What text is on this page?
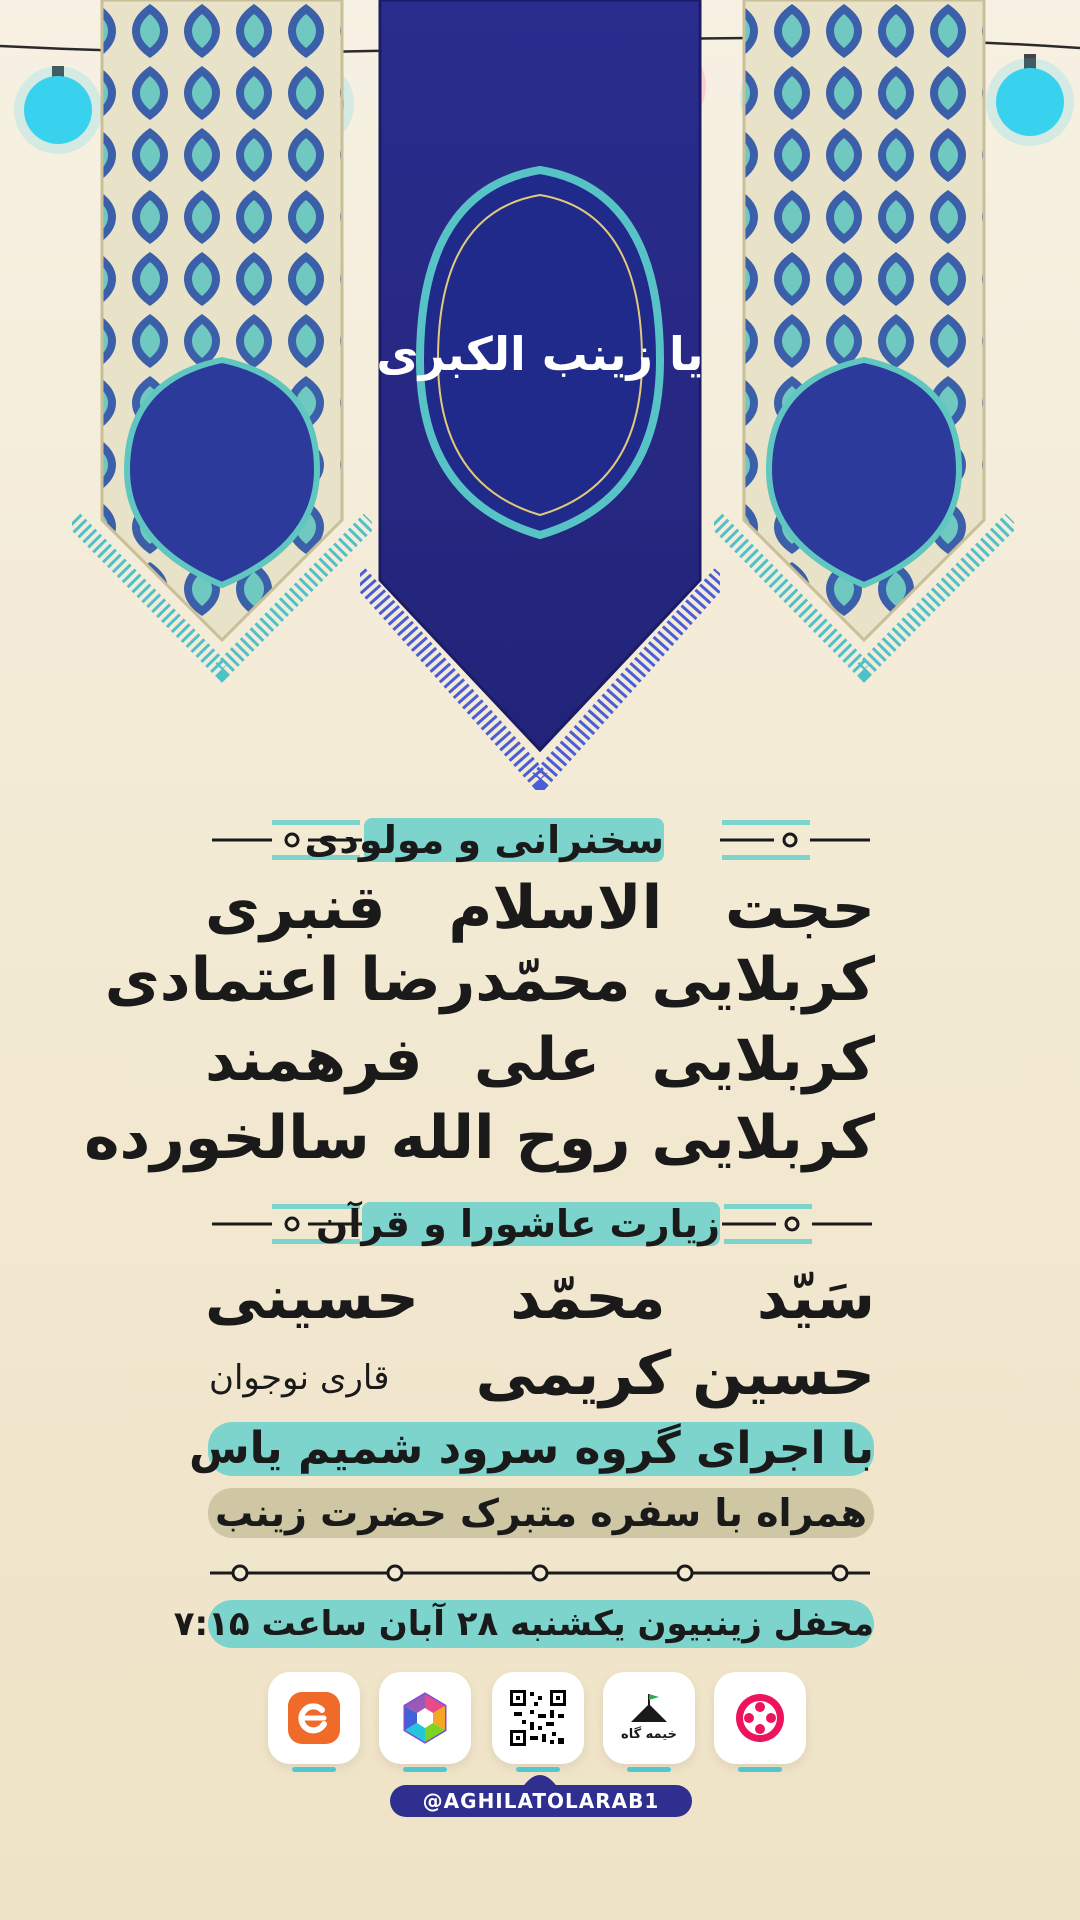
یا زینب الکبری
سخنرانی و مولودی
حجت الاسلام قنبری
کربلایی محمّدرضا اعتمادی
کربلایی علی فرهمند
کربلایی روح الله سالخورده
زیارت عاشورا و قرآن
سَیّد محمّد حسینی
حسین کریمی
قاری نوجوان
با اجرای گروه سرود شمیم یاس
همراه با سفره متبرک حضرت زینب
محفل زینبیون یکشنبه ۲۸ آبان ساعت ۷:۱۵
خیمه گاه
@AGHILATOLARAB1
